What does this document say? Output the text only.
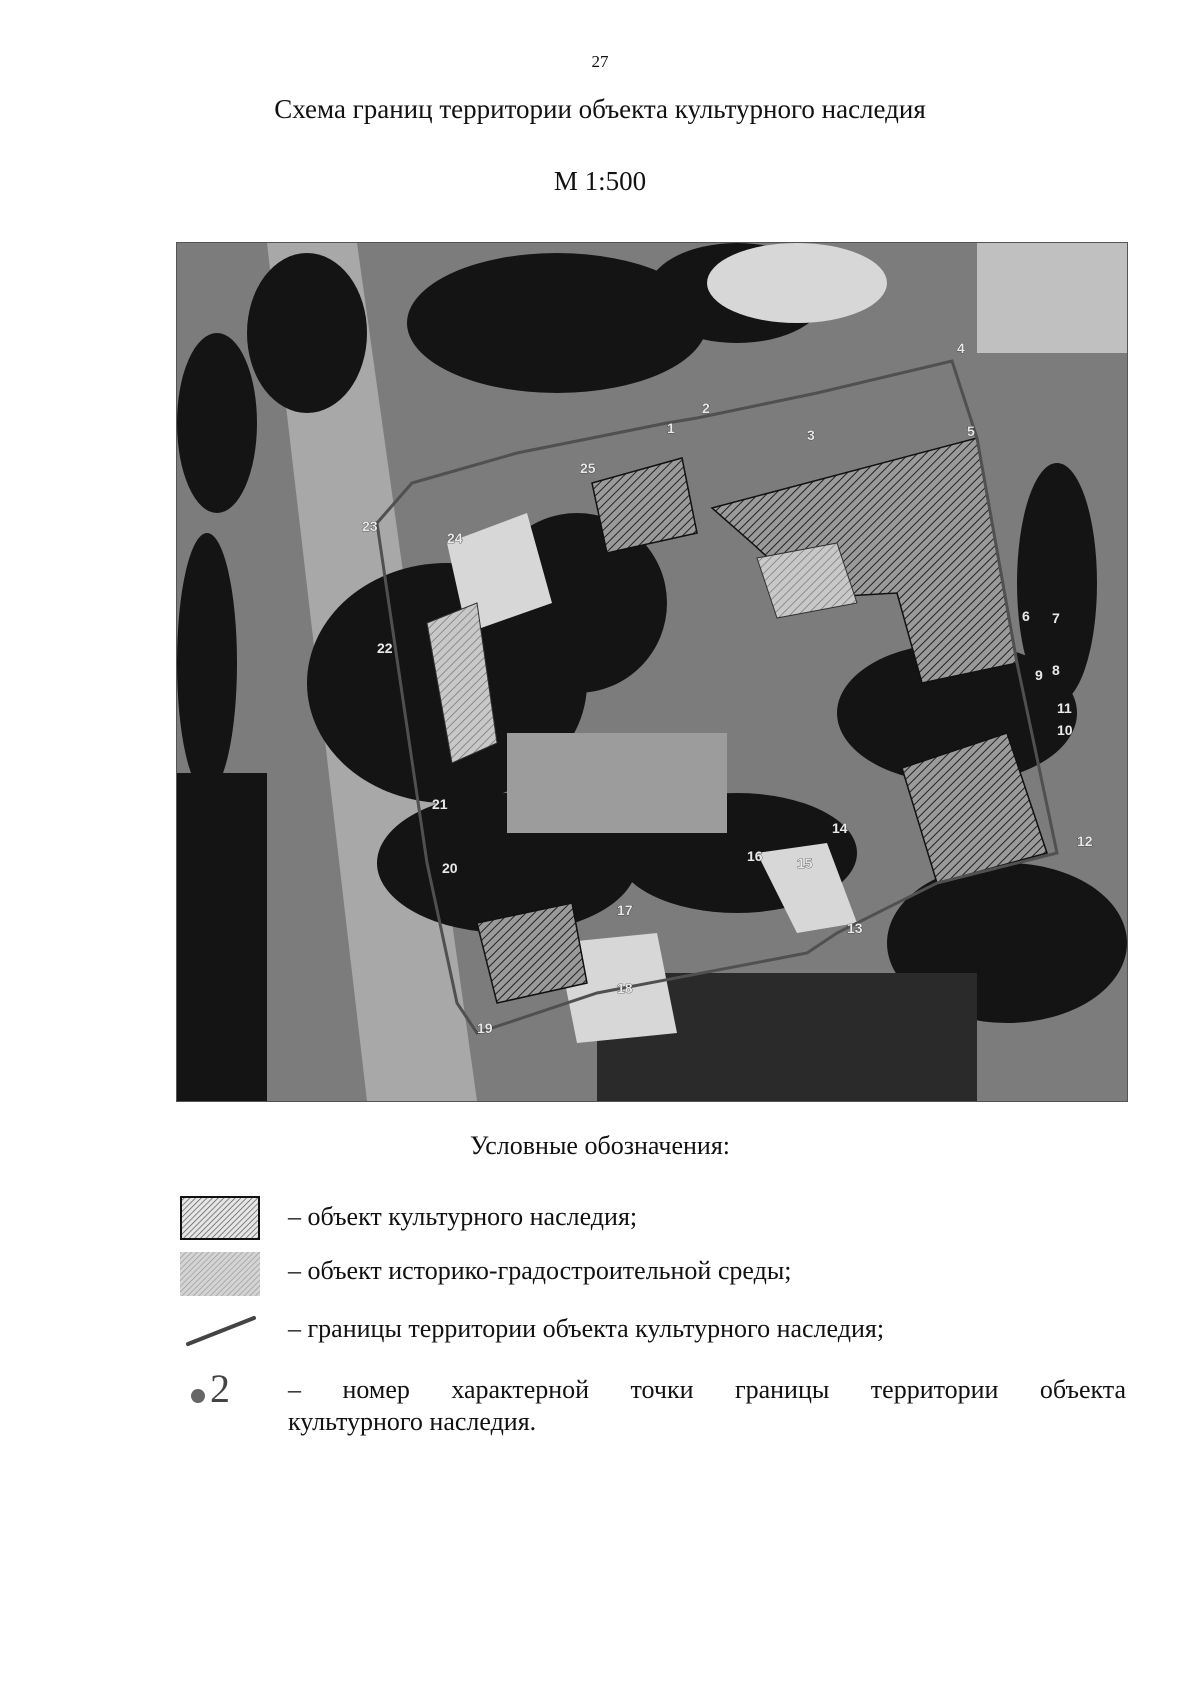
27
Схема границ территории объекта культурного наследия
М 1:500
1
2
3
4
5
6 7
8
9
10
11
12
13
14
15
16
17
18
19
20
21
22
23
24
25
Условные обозначения:
– объект культурного наследия;
– объект историко-градостроительной среды;
– границы территории объекта культурного наследия;
2 – номер характерной точки границы территории объекта
культурного наследия.
